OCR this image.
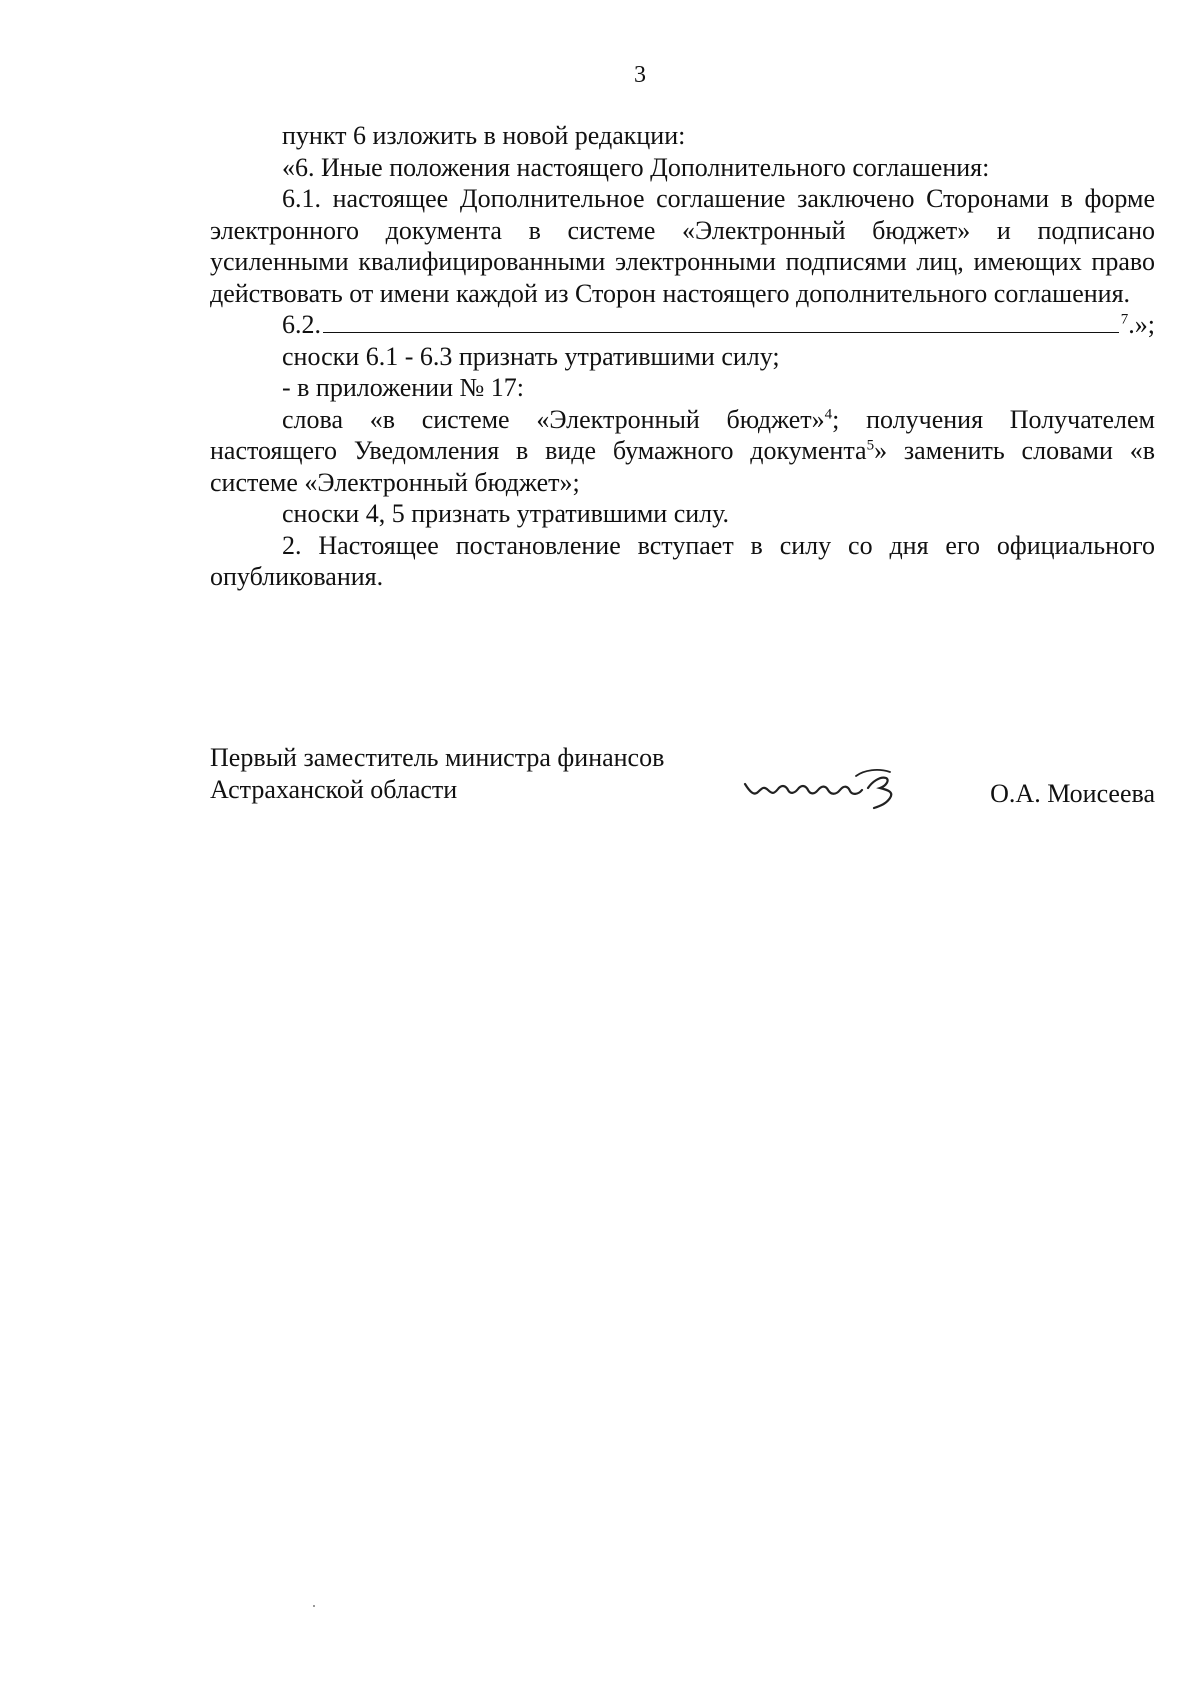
3

пункт 6 изложить в новой редакции:

«6. Иные положения настоящего Дополнительного соглашения:

6.1. настоящее Дополнительное соглашение заключено Сторонами в форме электронного документа в системе «Электронный бюджет» и подписано усиленными квалифицированными электронными подписями лиц, имеющих право действовать от имени каждой из Сторон настоящего дополнительного соглашения.

6.2.	$^7$.»;

сноски 6.1 - 6.3 признать утратившими силу;

- в приложении № 17:

слова «в системе «Электронный бюджет»$^4$; получения Получателем настоящего Уведомления в виде бумажного документа$^5$» заменить словами «в системе «Электронный бюджет»;

сноски 4, 5 признать утратившими силу.

2. Настоящее постановление вступает в силу со дня его официального опубликования.

Первый заместитель министра финансов
Астраханской области	О.А. Моисеева
